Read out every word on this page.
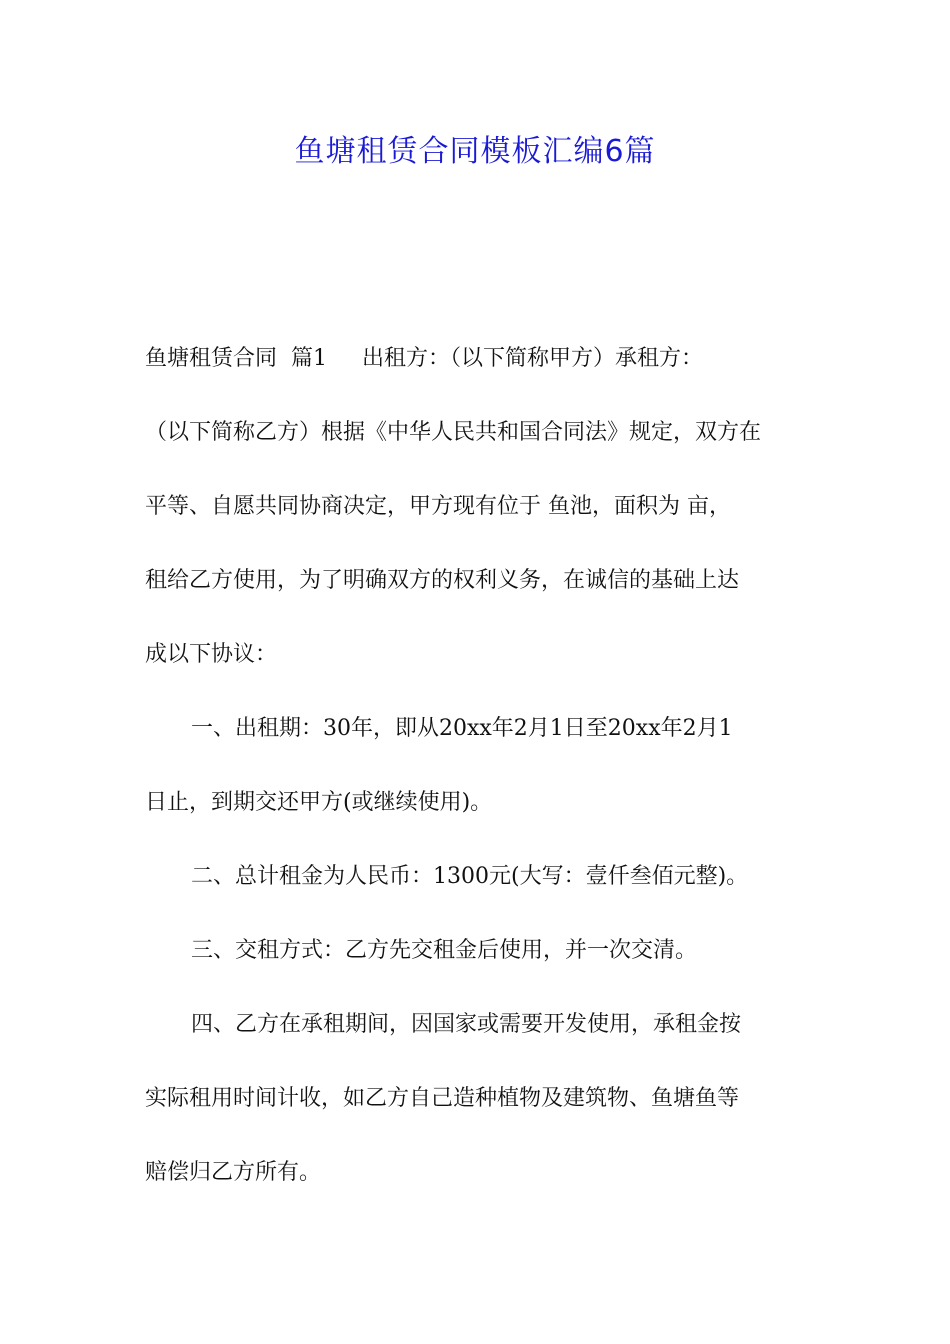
鱼塘租赁合同模板汇编6篇
鱼塘租赁合同  篇1     出租方：（以下简称甲方）承租方：
（以下简称乙方）根据《中华人民共和国合同法》规定，双方在
平等、自愿共同协商决定，甲方现有位于 鱼池，面积为 亩，
租给乙方使用，为了明确双方的权利义务，在诚信的基础上达
成以下协议：
一、出租期：30年，即从20xx年2月1日至20xx年2月1
日止，到期交还甲方(或继续使用)。
二、总计租金为人民币：1300元(大写：壹仟叁佰元整)。
三、交租方式：乙方先交租金后使用，并一次交清。
四、乙方在承租期间，因国家或需要开发使用，承租金按
实际租用时间计收，如乙方自己造种植物及建筑物、鱼塘鱼等
赔偿归乙方所有。
